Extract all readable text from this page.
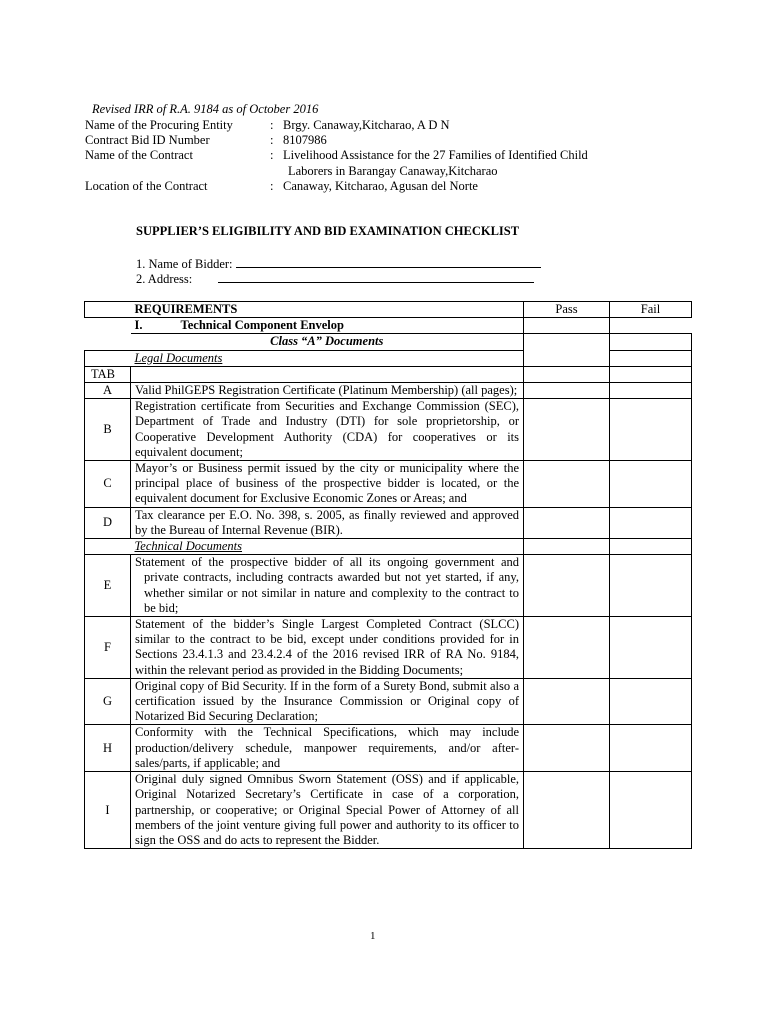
Revised IRR of R.A. 9184 as of October 2016
Name of the Procuring Entity	: Brgy. Canaway,Kitcharao, A D N
Contract Bid ID Number	: 8107986
Name of the Contract	: Livelihood Assistance for the 27 Families of Identified Child
Laborers in Barangay Canaway,Kitcharao
Location of the Contract	: Canaway, Kitcharao, Agusan del Norte
SUPPLIER’S ELIGIBILITY AND BID EXAMINATION CHECKLIST
1. Name of Bidder:
2. Address:
	REQUIREMENTS	Pass	Fail
	I. Technical Component Envelop		
	Class “A” Documents		
	Legal Documents		
TAB			
A	Valid PhilGEPS Registration Certificate (Platinum Membership) (all pages);		
B	Registration certificate from Securities and Exchange Commission (SEC), Department of Trade and Industry (DTI) for sole proprietorship, or Cooperative Development Authority (CDA) for cooperatives or its equivalent document;		
C	Mayor’s or Business permit issued by the city or municipality where the principal place of business of the prospective bidder is located, or the equivalent document for Exclusive Economic Zones or Areas; and		
D	Tax clearance per E.O. No. 398, s. 2005, as finally reviewed and approved by the Bureau of Internal Revenue (BIR).		
	Technical Documents		
E	Statement of the prospective bidder of all its ongoing government and private contracts, including contracts awarded but not yet started, if any, whether similar or not similar in nature and complexity to the contract to be bid;		
F	Statement of the bidder’s Single Largest Completed Contract (SLCC) similar to the contract to be bid, except under conditions provided for in Sections 23.4.1.3 and 23.4.2.4 of the 2016 revised IRR of RA No. 9184, within the relevant period as provided in the Bidding Documents;		
G	Original copy of Bid Security. If in the form of a Surety Bond, submit also a certification issued by the Insurance Commission or Original copy of Notarized Bid Securing Declaration;		
H	Conformity with the Technical Specifications, which may include production/delivery schedule, manpower requirements, and/or after-sales/parts, if applicable; and		
I	Original duly signed Omnibus Sworn Statement (OSS) and if applicable, Original Notarized Secretary’s Certificate in case of a corporation, partnership, or cooperative; or Original Special Power of Attorney of all members of the joint venture giving full power and authority to its officer to sign the OSS and do acts to represent the Bidder.		
1
